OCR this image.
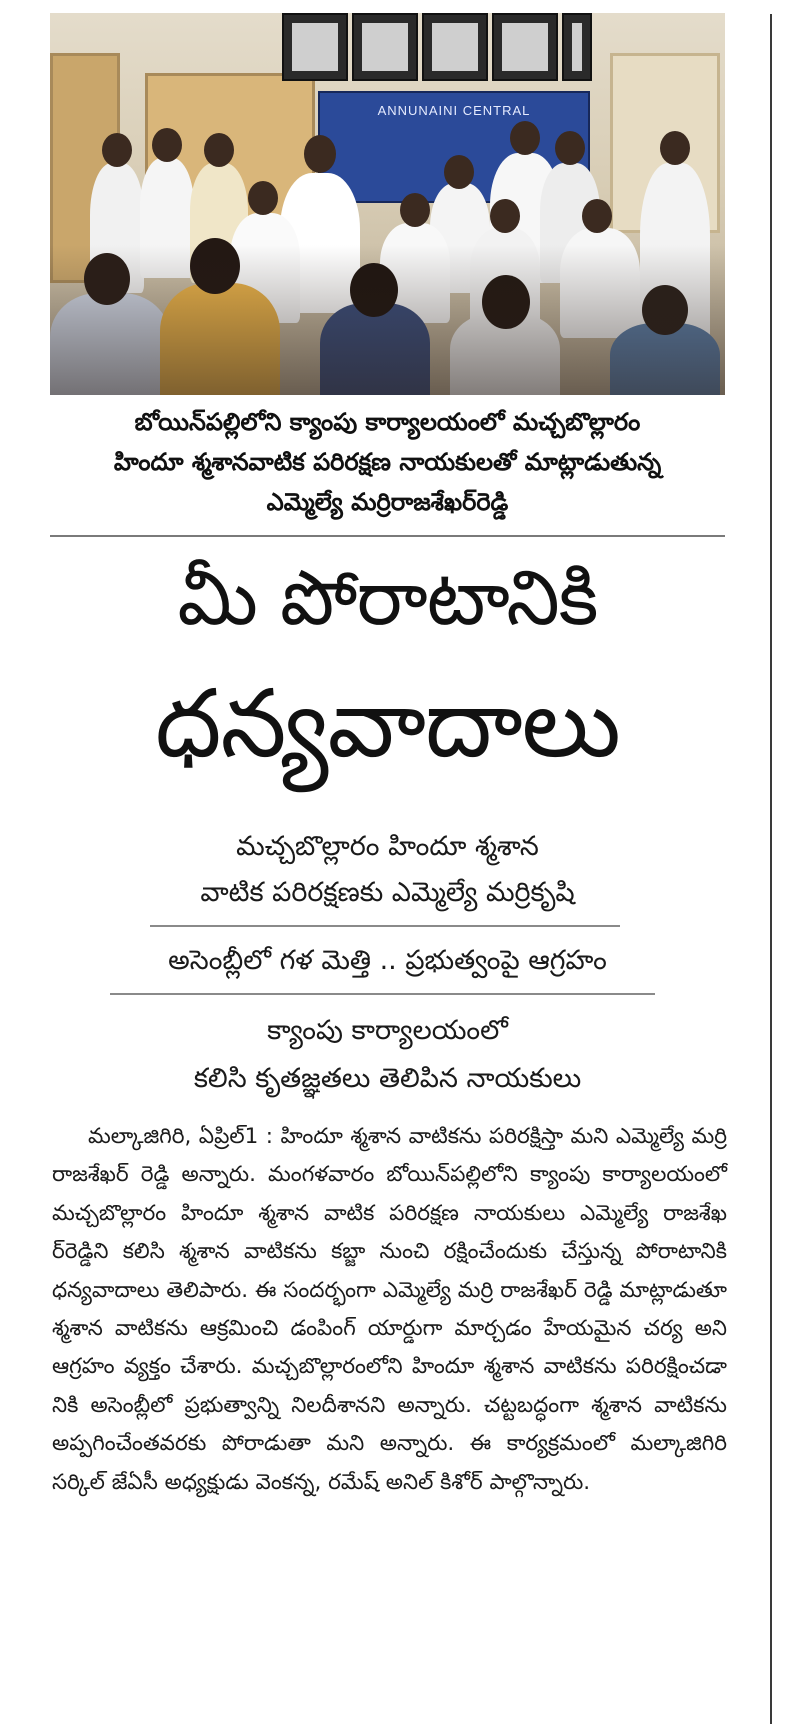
ANNUNAINI CENTRAL
బోయిన్‌పల్లిలోని క్యాంపు కార్యాలయంలో మచ్చబొల్లారం
హిందూ శ్మశానవాటిక పరిరక్షణ నాయకులతో మాట్లాడుతున్న
ఎమ్మెల్యే మర్రిరాజశేఖర్‌రెడ్డి
మీ పోరాటానికి
ధన్యవాదాలు
మచ్చబొల్లారం హిందూ శ్మశాన
వాటిక పరిరక్షణకు ఎమ్మెల్యే మర్రికృషి
అసెంబ్లీలో గళ మెత్తి .. ప్రభుత్వంపై ఆగ్రహం
క్యాంపు కార్యాలయంలో
కలిసి కృతజ్ఞతలు తెలిపిన నాయకులు

మల్కాజిగిరి, ఏప్రిల్‌1 : హిందూ శ్మశాన వాటికను పరిరక్షిస్తా మని ఎమ్మెల్యే మర్రి రాజశేఖర్ రెడ్డి అన్నారు. మంగళవారం బోయిన్‌పల్లిలోని క్యాంపు కార్యాలయంలో మచ్చబొల్లారం హిందూ శ్మశాన వాటిక పరిరక్షణ నాయకులు ఎమ్మెల్యే రాజశేఖ ర్‌రెడ్డిని కలిసి శ్మశాన వాటికను కబ్జా నుంచి రక్షించేందుకు చేస్తున్న పోరాటానికి ధన్యవాదాలు తెలిపారు. ఈ సందర్భంగా ఎమ్మెల్యే మర్రి రాజశేఖర్ రెడ్డి మాట్లాడుతూ శ్మశాన వాటికను ఆక్రమించి డంపింగ్ యార్డుగా మార్చడం హేయమైన చర్య అని ఆగ్రహం వ్యక్తం చేశారు. మచ్చబొల్లారంలోని హిందూ శ్మశాన వాటికను పరిరక్షించడా నికి అసెంబ్లీలో ప్రభుత్వాన్ని నిలదీశానని అన్నారు. చట్టబద్ధంగా శ్మశాన వాటికను అప్పగించేంతవరకు పోరాడుతా మని అన్నారు. ఈ కార్యక్రమంలో మల్కాజిగిరి సర్కిల్ జేఏసీ అధ్యక్షుడు వెంకన్న, రమేష్ అనిల్ కిశోర్ పాల్గొన్నారు.
